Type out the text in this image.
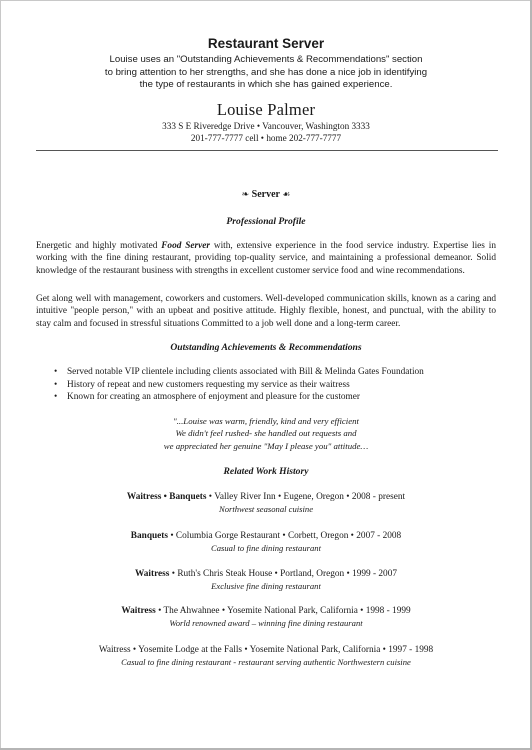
Restaurant Server
Louise uses an "Outstanding Achievements & Recommendations" section
to bring attention to her strengths, and she has done a nice job in identifying
the type of restaurants in which she has gained experience.
Louise Palmer
333 S E Riveredge Drive • Vancouver, Washington 3333
201-777-7777 cell • home 202-777-7777
❧ Server ☙
Professional Profile
Energetic and highly motivated Food Server with, extensive experience in the food service industry. Expertise lies in working with the fine dining restaurant, providing top-quality service, and maintaining a professional demeanor. Solid knowledge of the restaurant business with strengths in excellent customer service food and wine recommendations.
Get along well with management, coworkers and customers. Well-developed communication skills, known as a caring and intuitive "people person," with an upbeat and positive attitude. Highly flexible, honest, and punctual, with the ability to stay calm and focused in stressful situations Committed to a job well done and a long-term career.
Outstanding Achievements & Recommendations
• Served notable VIP clientele including clients associated with Bill & Melinda Gates Foundation
• History of repeat and new customers requesting my service as their waitress
• Known for creating an atmosphere of enjoyment and pleasure for the customer
"...Louise was warm, friendly, kind and very efficient
We didn't feel rushed- she handled out requests and
we appreciated her genuine "May I please you" attitude…
Related Work History
Waitress • Banquets • Valley River Inn • Eugene, Oregon • 2008 - present
Northwest seasonal cuisine
Banquets • Columbia Gorge Restaurant • Corbett, Oregon • 2007 - 2008
Casual to fine dining restaurant
Waitress • Ruth's Chris Steak House • Portland, Oregon • 1999 - 2007
Exclusive fine dining restaurant
Waitress • The Ahwahnee • Yosemite National Park, California • 1998 - 1999
World renowned award – winning fine dining restaurant
Waitress • Yosemite Lodge at the Falls • Yosemite National Park, California • 1997 - 1998
Casual to fine dining restaurant - restaurant serving authentic Northwestern cuisine
